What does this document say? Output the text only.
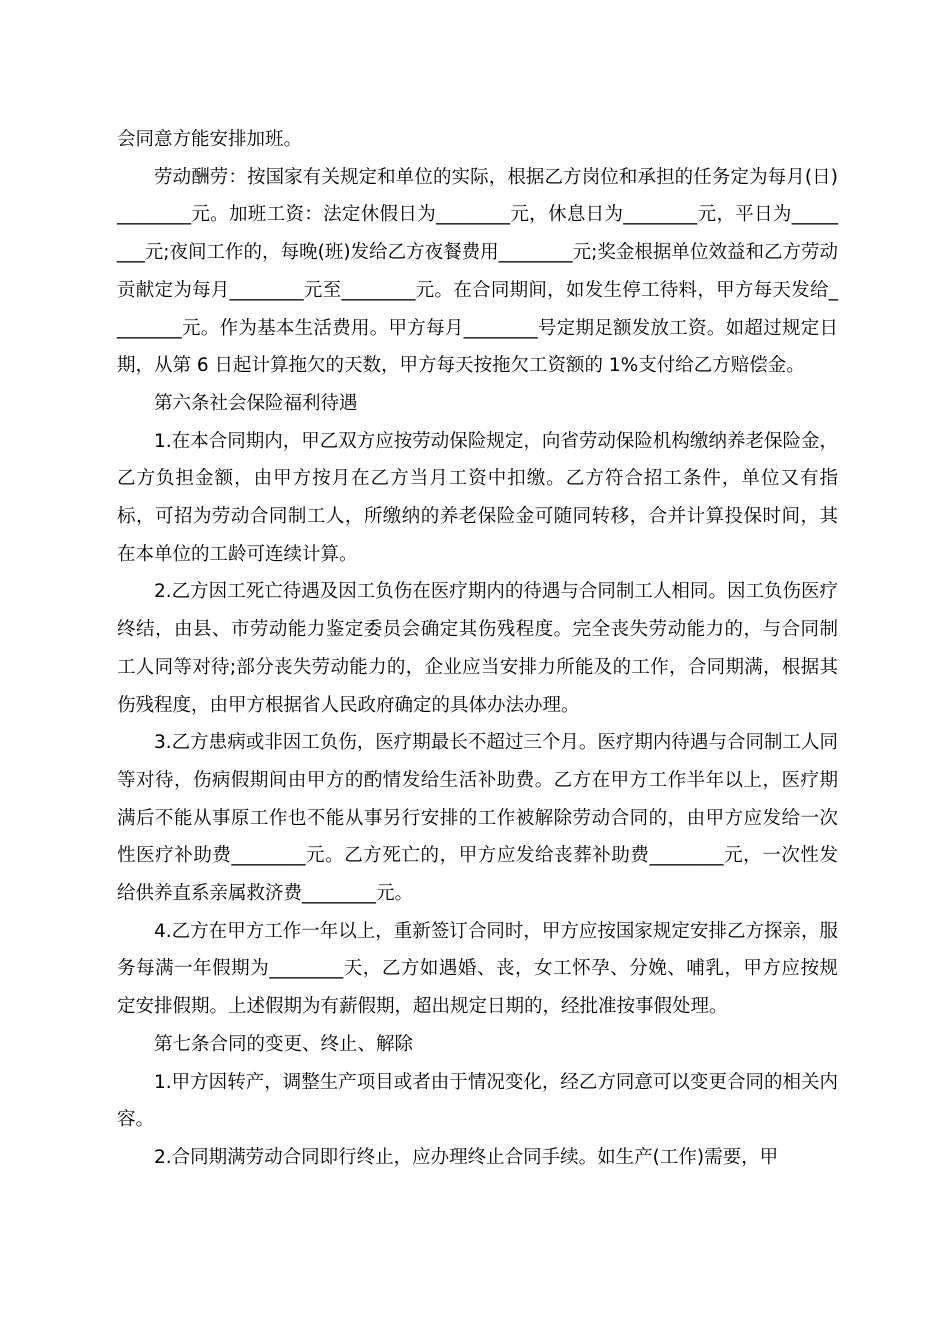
会同意方能安排加班。

劳动酬劳：按国家有关规定和单位的实际，根据乙方岗位和承担的任务定为每月(日)________元。加班工资：法定休假日为________元，休息日为________元，平日为________元;夜间工作的，每晚(班)发给乙方夜餐费用________元;奖金根据单位效益和乙方劳动贡献定为每月________元至________元。在合同期间，如发生停工待料，甲方每天发给________元。作为基本生活费用。甲方每月________号定期足额发放工资。如超过规定日期，从第 6 日起计算拖欠的天数，甲方每天按拖欠工资额的 1%支付给乙方赔偿金。

第六条社会保险福利待遇

1.在本合同期内，甲乙双方应按劳动保险规定，向省劳动保险机构缴纳养老保险金，乙方负担金额，由甲方按月在乙方当月工资中扣缴。乙方符合招工条件，单位又有指标，可招为劳动合同制工人，所缴纳的养老保险金可随同转移，合并计算投保时间，其在本单位的工龄可连续计算。

2.乙方因工死亡待遇及因工负伤在医疗期内的待遇与合同制工人相同。因工负伤医疗终结，由县、市劳动能力鉴定委员会确定其伤残程度。完全丧失劳动能力的，与合同制工人同等对待;部分丧失劳动能力的，企业应当安排力所能及的工作，合同期满，根据其伤残程度，由甲方根据省人民政府确定的具体办法办理。

3.乙方患病或非因工负伤，医疗期最长不超过三个月。医疗期内待遇与合同制工人同等对待，伤病假期间由甲方的酌情发给生活补助费。乙方在甲方工作半年以上，医疗期满后不能从事原工作也不能从事另行安排的工作被解除劳动合同的，由甲方应发给一次性医疗补助费________元。乙方死亡的，甲方应发给丧葬补助费________元，一次性发给供养直系亲属救济费________元。

4.乙方在甲方工作一年以上，重新签订合同时，甲方应按国家规定安排乙方探亲，服务每满一年假期为________天，乙方如遇婚、丧，女工怀孕、分娩、哺乳，甲方应按规定安排假期。上述假期为有薪假期，超出规定日期的，经批准按事假处理。

第七条合同的变更、终止、解除

1.甲方因转产，调整生产项目或者由于情况变化，经乙方同意可以变更合同的相关内容。

2.合同期满劳动合同即行终止，应办理终止合同手续。如生产(工作)需要，甲
